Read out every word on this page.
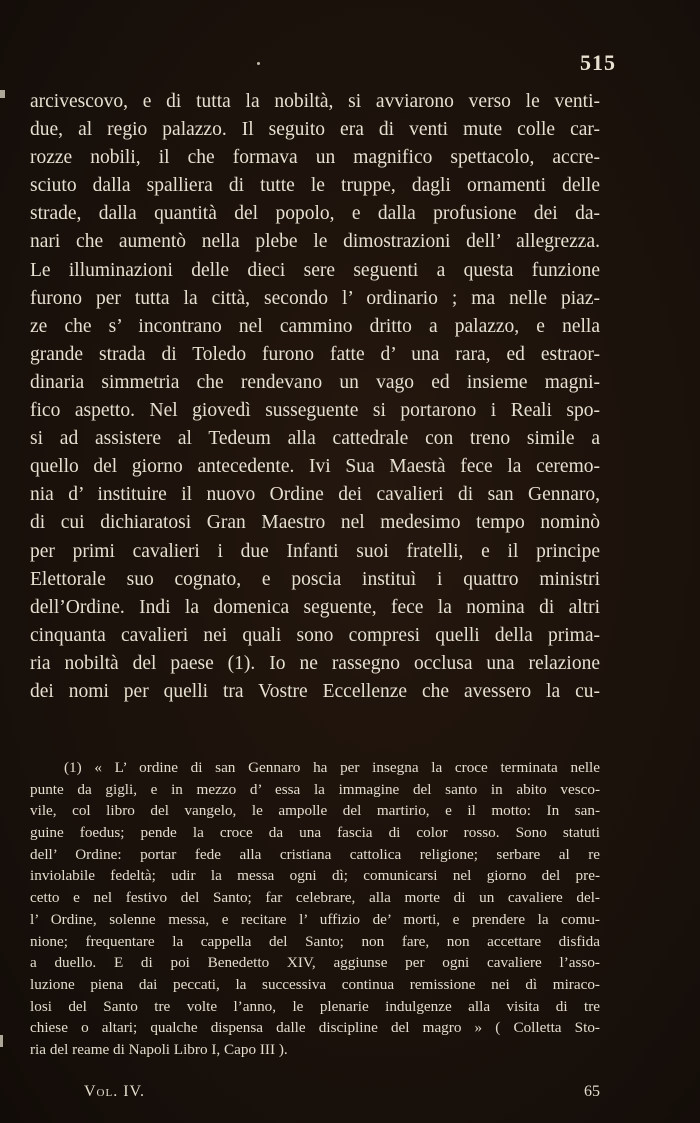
515
arcivescovo, e di tutta la nobiltà, si avviarono verso le venti-
due, al regio palazzo. Il seguito era di venti mute colle car-
rozze nobili, il che formava un magnifico spettacolo, accre-
sciuto dalla spalliera di tutte le truppe, dagli ornamenti delle
strade, dalla quantità del popolo, e dalla profusione dei da-
nari che aumentò nella plebe le dimostrazioni dell’ allegrezza.
Le illuminazioni delle dieci sere seguenti a questa funzione
furono per tutta la città, secondo l’ ordinario ; ma nelle piaz-
ze che s’ incontrano nel cammino dritto a palazzo, e nella
grande strada di Toledo furono fatte d’ una rara, ed estraor-
dinaria simmetria che rendevano un vago ed insieme magni-
fico aspetto. Nel giovedì susseguente si portarono i Reali spo-
si ad assistere al Tedeum alla cattedrale con treno simile a
quello del giorno antecedente. Ivi Sua Maestà fece la ceremo-
nia d’ instituire il nuovo Ordine dei cavalieri di san Gennaro,
di cui dichiaratosi Gran Maestro nel medesimo tempo nominò
per primi cavalieri i due Infanti suoi fratelli, e il principe
Elettorale suo cognato, e poscia instituì i quattro ministri
dell’Ordine. Indi la domenica seguente, fece la nomina di altri
cinquanta cavalieri nei quali sono compresi quelli della prima-
ria nobiltà del paese (1). Io ne rassegno occlusa una relazione
dei nomi per quelli tra Vostre Eccellenze che avessero la cu-
(1) « L’ ordine di san Gennaro ha per insegna la croce terminata nelle
punte da gigli, e in mezzo d’ essa la immagine del santo in abito vesco-
vile, col libro del vangelo, le ampolle del martirio, e il motto: In san-
guine foedus; pende la croce da una fascia di color rosso. Sono statuti
dell’ Ordine: portar fede alla cristiana cattolica religione; serbare al re
inviolabile fedeltà; udir la messa ogni dì; comunicarsi nel giorno del pre-
cetto e nel festivo del Santo; far celebrare, alla morte di un cavaliere del-
l’ Ordine, solenne messa, e recitare l’ uffizio de’ morti, e prendere la comu-
nione; frequentare la cappella del Santo; non fare, non accettare disfida
a duello. E di poi Benedetto XIV, aggiunse per ogni cavaliere l’asso-
luzione piena dai peccati, la successiva continua remissione nei dì miraco-
losi del Santo tre volte l’anno, le plenarie indulgenze alla visita di tre
chiese o altari; qualche dispensa dalle discipline del magro » ( Colletta Sto-
ria del reame di Napoli Libro I, Capo III ).
Vol. IV.	65
